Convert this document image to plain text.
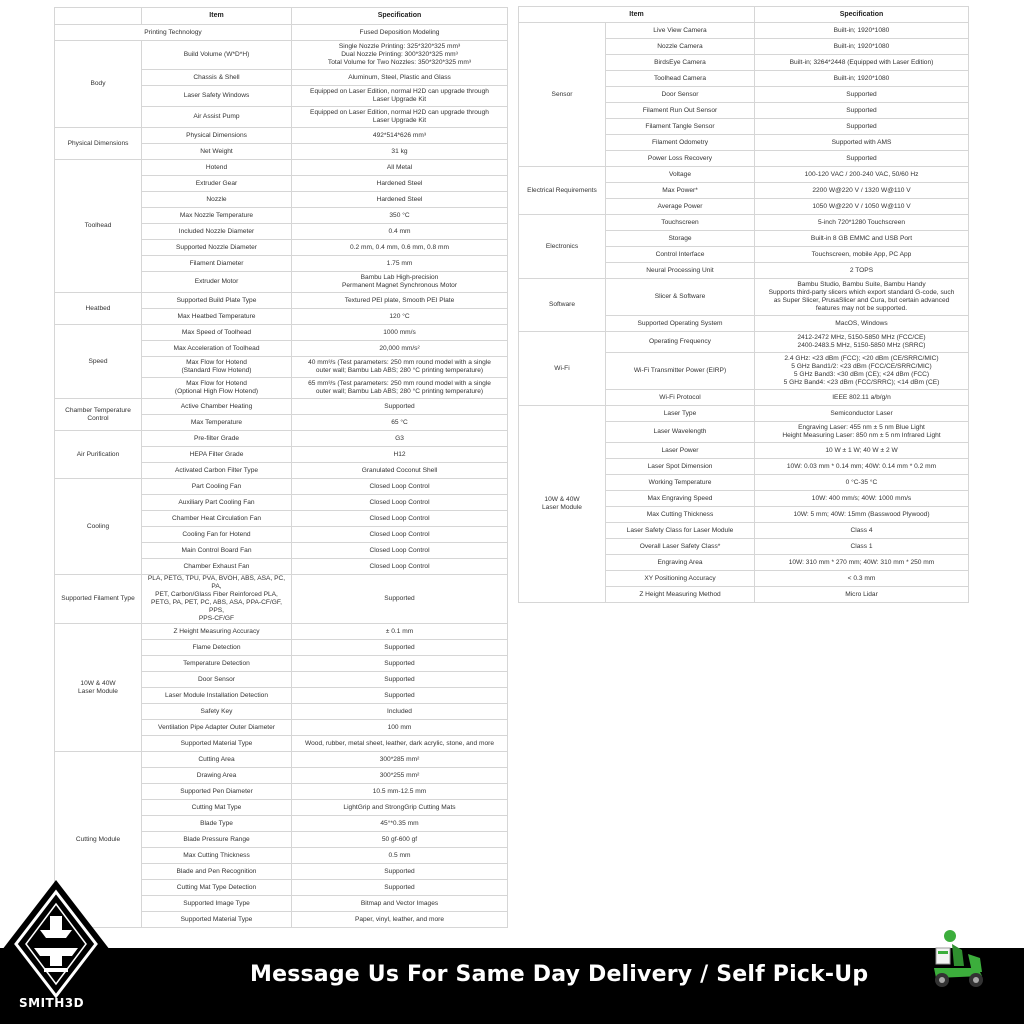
	Item	Specification

Printing Technology		Fused Deposition Modeling

Body	Build Volume (W*D*H)	Single Nozzle Printing: 325*320*325 mm³
Dual Nozzle Printing: 300*320*325 mm³
Total Volume for Two Nozzles: 350*320*325 mm³

	Chassis & Shell	Aluminum, Steel, Plastic and Glass

	Laser Safety Windows	Equipped on Laser Edition, normal H2D can upgrade through
Laser Upgrade Kit

	Air Assist Pump	Equipped on Laser Edition, normal H2D can upgrade through
Laser Upgrade Kit

Physical Dimensions	Physical Dimensions	492*514*626 mm³

	Net Weight	31 kg

Toolhead	Hotend	All Metal

	Extruder Gear	Hardened Steel

	Nozzle	Hardened Steel

	Max Nozzle Temperature	350 °C

	Included Nozzle Diameter	0.4 mm

	Supported Nozzle Diameter	0.2 mm, 0.4 mm, 0.6 mm, 0.8 mm

	Filament Diameter	1.75 mm

	Extruder Motor	Bambu Lab High-precision
Permanent Magnet Synchronous Motor

Heatbed	Supported Build Plate Type	Textured PEI plate, Smooth PEI Plate

	Max Heatbed Temperature	120 °C

Speed	Max Speed of Toolhead	1000 mm/s

	Max Acceleration of Toolhead	20,000 mm/s²

	Max Flow for Hotend
(Standard Flow Hotend)	40 mm³/s (Test parameters: 250 mm round model with a single
outer wall; Bambu Lab ABS; 280 °C printing temperature)

	Max Flow for Hotend
(Optional High Flow Hotend)	65 mm³/s (Test parameters: 250 mm round model with a single
outer wall; Bambu Lab ABS; 280 °C printing temperature)

Chamber Temperature
Control	Active Chamber Heating	Supported

	Max Temperature	65 °C

Air Purification	Pre-filter Grade	G3

	HEPA Filter Grade	H12

	Activated Carbon Filter Type	Granulated Coconut Shell

Cooling	Part Cooling Fan	Closed Loop Control

	Auxiliary Part Cooling Fan	Closed Loop Control

	Chamber Heat Circulation Fan	Closed Loop Control

	Cooling Fan for Hotend	Closed Loop Control

	Main Control Board Fan	Closed Loop Control

	Chamber Exhaust Fan	Closed Loop Control

Supported Filament Type	PLA, PETG, TPU, PVA, BVOH, ABS, ASA, PC, PA,
PET, Carbon/Glass Fiber Reinforced PLA,
PETG, PA, PET, PC, ABS, ASA, PPA-CF/GF, PPS,
PPS-CF/GF	Supported

10W & 40W
Laser Module	Z Height Measuring Accuracy	± 0.1 mm

	Flame Detection	Supported

	Temperature Detection	Supported

	Door Sensor	Supported

	Laser Module Installation Detection	Supported

	Safety Key	Included

	Ventilation Pipe Adapter Outer Diameter	100 mm

	Supported Material Type	Wood, rubber, metal sheet, leather, dark acrylic, stone, and more

Cutting Module	Cutting Area	300*285 mm²

	Drawing Area	300*255 mm²

	Supported Pen Diameter	10.5 mm-12.5 mm

	Cutting Mat Type	LightGrip and StrongGrip Cutting Mats

	Blade Type	45°*0.35 mm

	Blade Pressure Range	50 gf-600 gf

	Max Cutting Thickness	0.5 mm

	Blade and Pen Recognition	Supported

	Cutting Mat Type Detection	Supported

	Supported Image Type	Bitmap and Vector Images

	Supported Material Type	Paper, vinyl, leather, and more
Item		Specification

Sensor	Live View Camera	Built-in; 1920*1080

	Nozzle Camera	Built-in; 1920*1080

	BirdsEye Camera	Built-in; 3264*2448 (Equipped with Laser Edition)

	Toolhead Camera	Built-in; 1920*1080

	Door Sensor	Supported

	Filament Run Out Sensor	Supported

	Filament Tangle Sensor	Supported

	Filament Odometry	Supported with AMS

	Power Loss Recovery	Supported

Electrical Requirements	Voltage	100-120 VAC / 200-240 VAC, 50/60 Hz

	Max Power*	2200 W@220 V / 1320 W@110 V

	Average Power	1050 W@220 V / 1050 W@110 V

Electronics	Touchscreen	5-inch 720*1280 Touchscreen

	Storage	Built-in 8 GB EMMC and USB Port

	Control Interface	Touchscreen, mobile App, PC App

	Neural Processing Unit	2 TOPS

Software	Slicer & Software	Bambu Studio, Bambu Suite, Bambu Handy
Supports third-party slicers which export standard G-code, such
as Super Slicer, PrusaSlicer and Cura, but certain advanced
features may not be supported.

	Supported Operating System	MacOS, Windows

Wi-Fi	Operating Frequency	2412-2472 MHz, 5150-5850 MHz (FCC/CE)
2400-2483.5 MHz, 5150-5850 MHz (SRRC)

	Wi-Fi Transmitter Power (EIRP)	2.4 GHz: <23 dBm (FCC); <20 dBm (CE/SRRC/MIC)
5 GHz Band1/2: <23 dBm (FCC/CE/SRRC/MIC)
5 GHz Band3: <30 dBm (CE); <24 dBm (FCC)
5 GHz Band4: <23 dBm (FCC/SRRC); <14 dBm (CE)

	Wi-Fi Protocol	IEEE 802.11 a/b/g/n

10W & 40W
Laser Module	Laser Type	Semiconductor Laser

	Laser Wavelength	Engraving Laser: 455 nm ± 5 nm Blue Light
Height Measuring Laser: 850 nm ± 5 nm Infrared Light

	Laser Power	10 W ± 1 W; 40 W ± 2 W

	Laser Spot Dimension	10W: 0.03 mm * 0.14 mm; 40W: 0.14 mm * 0.2 mm

	Working Temperature	0 °C-35 °C

	Max Engraving Speed	10W: 400 mm/s; 40W: 1000 mm/s

	Max Cutting Thickness	10W: 5 mm; 40W: 15mm (Basswood Plywood)

	Laser Safety Class for Laser Module	Class 4

	Overall Laser Safety Class*	Class 1

	Engraving Area	10W: 310 mm * 270 mm; 40W: 310 mm * 250 mm

	XY Positioning Accuracy	< 0.3 mm

	Z Height Measuring Method	Micro Lidar
SMITH3D
Message Us For Same Day Delivery / Self Pick-Up
